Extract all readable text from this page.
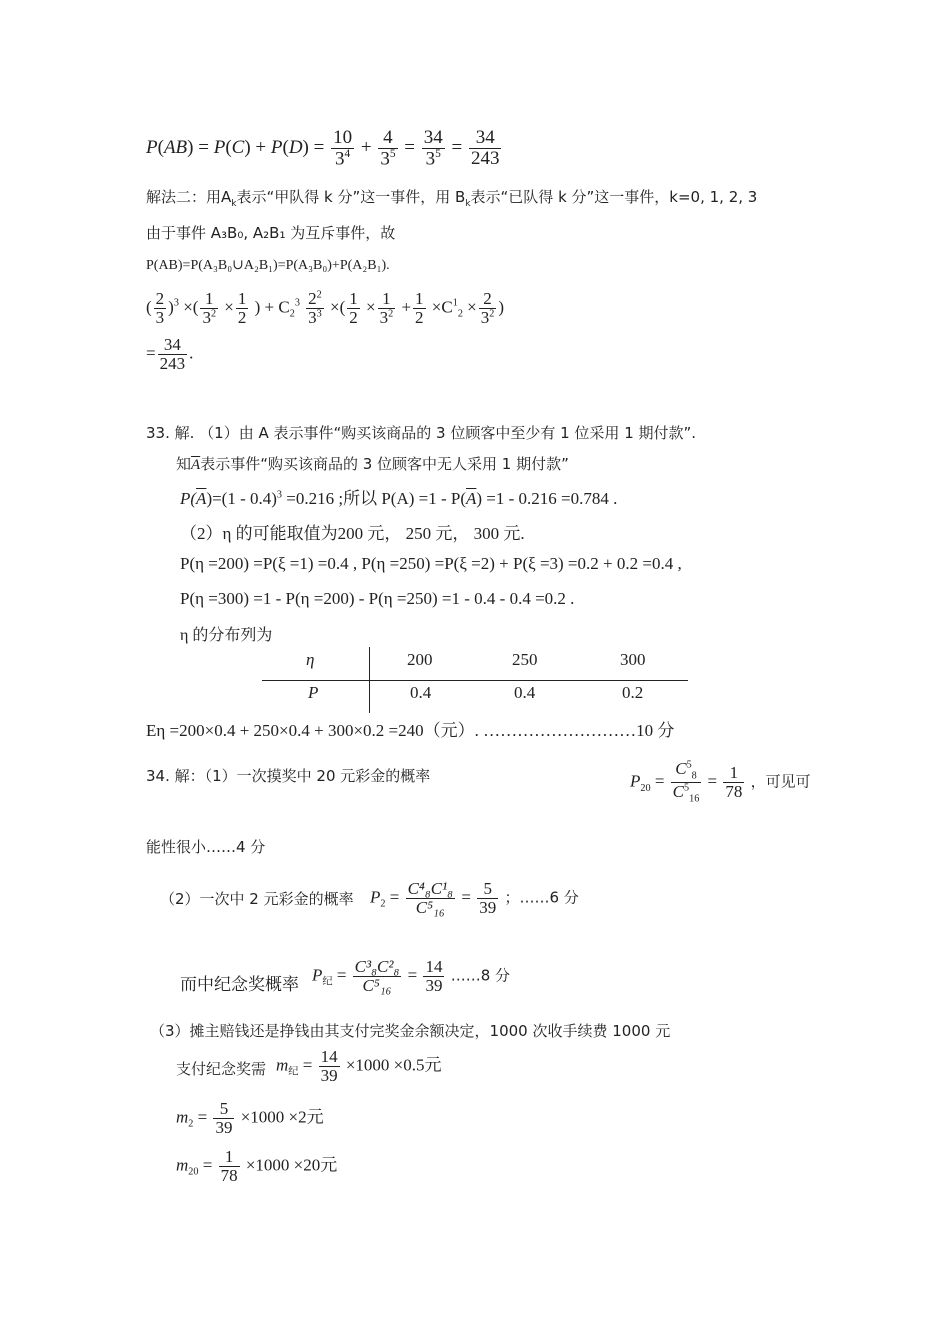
$P(AB) = P(C) + P(D) = \frac{10}{3^4} + \frac{4}{3^5} = \frac{34}{3^5} = \frac{34}{243}$
解法二：用$A_k$表示“甲队得 k 分”这一事件，用 $B_k$表示“已队得 k 分”这一事件，k=0, 1, 2, 3
由于事件 A₃B₀, A₂B₁ 为互斥事件，故
P(AB)=P(A₃B₀∪A₂B₁)=P(A₃B₀)+P(A₂B₁).
( $\frac{2}{3} )^3$ ×( $\frac{1}{3^2} \times \frac{1}{2}$ ) + $C_2^3 \frac{2^2}{3^3}$ ×( $\frac{1}{2} \times \frac{1}{3^2} + \frac{1}{2} \times C^1_2 \times \frac{2}{3^2}$ )
= $\frac{34}{243}$ .
33. 解. （1）由 A 表示事件“购买该商品的 3 位顾客中至少有 1 位采用 1 期付款”.
知$\overline{A}$表示事件“购买该商品的 3 位顾客中无人采用 1 期付款”
$P(\overline{A})=(1 - 0.4)^3 =0.216$ ;所以 $P(A) =1 - P(\overline{A}) =1 - 0.216 =0.784$ .
（2）η 的可能取值为200 元， 250 元， 300 元.
P(η =200) =P(ξ =1) =0.4 , P(η =250) =P(ξ =2) + P(ξ =3) =0.2 + 0.2 =0.4 ,
P(η =300) =1 - P(η =200) - P(η =250) =1 - 0.4 - 0.4 =0.2 .
η 的分布列为
η	200	250	300
P	0.4	0.4	0.2
Eη =200×0.4 + 250×0.4 + 300×0.2 =240（元）. ………………………10 分
34. 解：（1）一次摸奖中 20 元彩金的概率	$P_{20} = \frac{C^5_8}{C^5_{16}} = \frac{1}{78}$ ，可见可
能性很小……4 分
（2）一次中 2 元彩金的概率 $P_2 = \frac{\text{C⁴₈C¹₈}}{\text{C⁵₁₆}} = \frac{5}{39}$ ；……6 分
而中纪念奖概率
$P_纪 = \frac{\text{C³₈C²₈}}{\text{C⁵₁₆}} = \frac{14}{39}$ ……8 分
（3）摊主赔钱还是挣钱由其支付完奖金余额决定，1000 次收手续费 1000 元
支付纪念奖需 $m_纪 = \frac{14}{39} \times 1000 \times 0.5$元
$m_2 = \frac{5}{39} \times 1000 \times 2$元
$m_{20} = \frac{1}{78} \times 1000 \times 20$元
